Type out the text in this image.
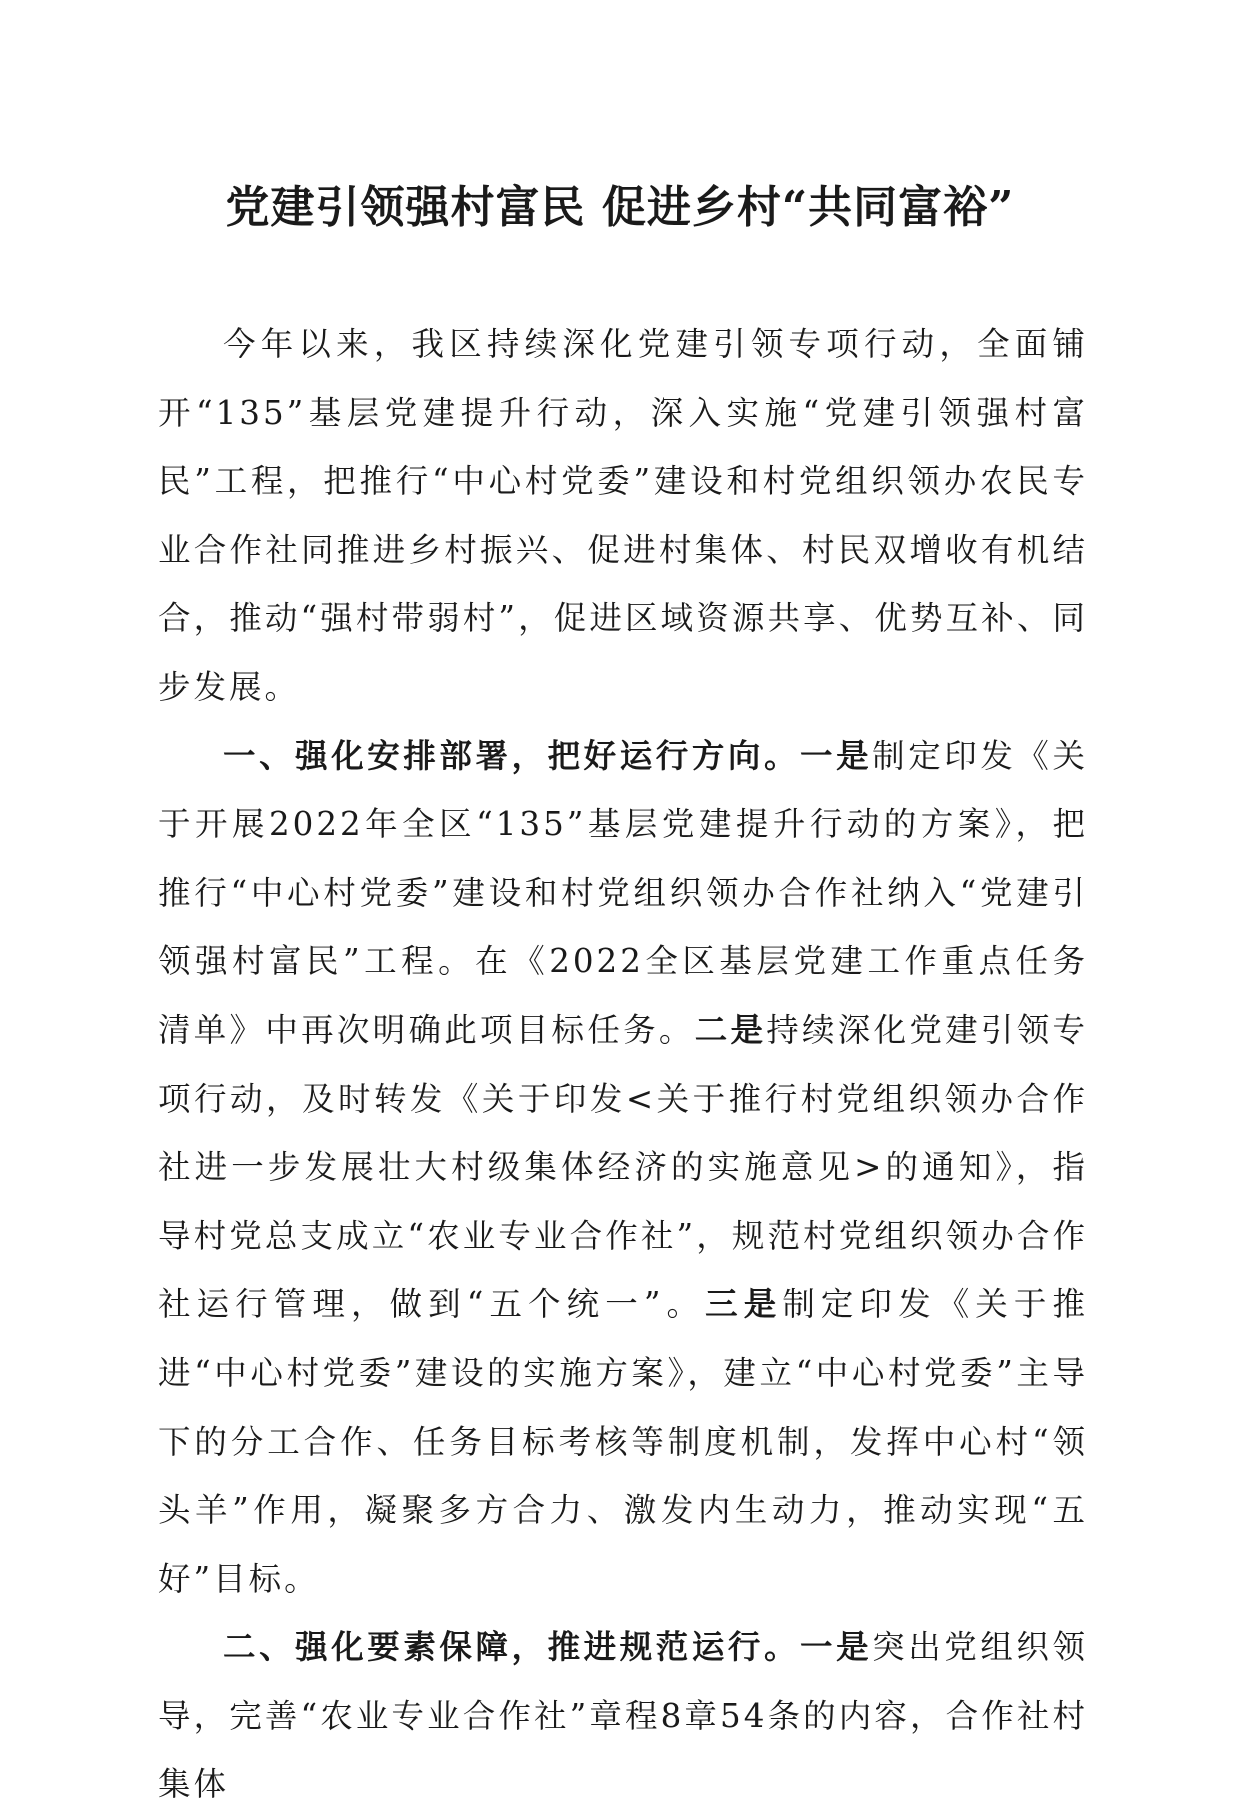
党建引领强村富民 促进乡村“共同富裕”

今年以来，我区持续深化党建引领专项行动，全面铺开“135”基层党建提升行动，深入实施“党建引领强村富民”工程，把推行“中心村党委”建设和村党组织领办农民专业合作社同推进乡村振兴、促进村集体、村民双增收有机结合，推动“强村带弱村”，促进区域资源共享、优势互补、同步发展。

一、强化安排部署，把好运行方向。一是制定印发《关于开展2022年全区“135”基层党建提升行动的方案》，把推行“中心村党委”建设和村党组织领办合作社纳入“党建引领强村富民”工程。在《2022全区基层党建工作重点任务清单》中再次明确此项目标任务。二是持续深化党建引领专项行动，及时转发《关于印发<关于推行村党组织领办合作社进一步发展壮大村级集体经济的实施意见>的通知》，指导村党总支成立“农业专业合作社”，规范村党组织领办合作社运行管理，做到“五个统一”。三是制定印发《关于推进“中心村党委”建设的实施方案》，建立“中心村党委”主导下的分工合作、任务目标考核等制度机制，发挥中心村“领头羊”作用，凝聚多方合力、激发内生动力，推动实现“五好”目标。

二、强化要素保障，推进规范运行。一是突出党组织领导，完善“农业专业合作社”章程8章54条的内容，合作社村集体
